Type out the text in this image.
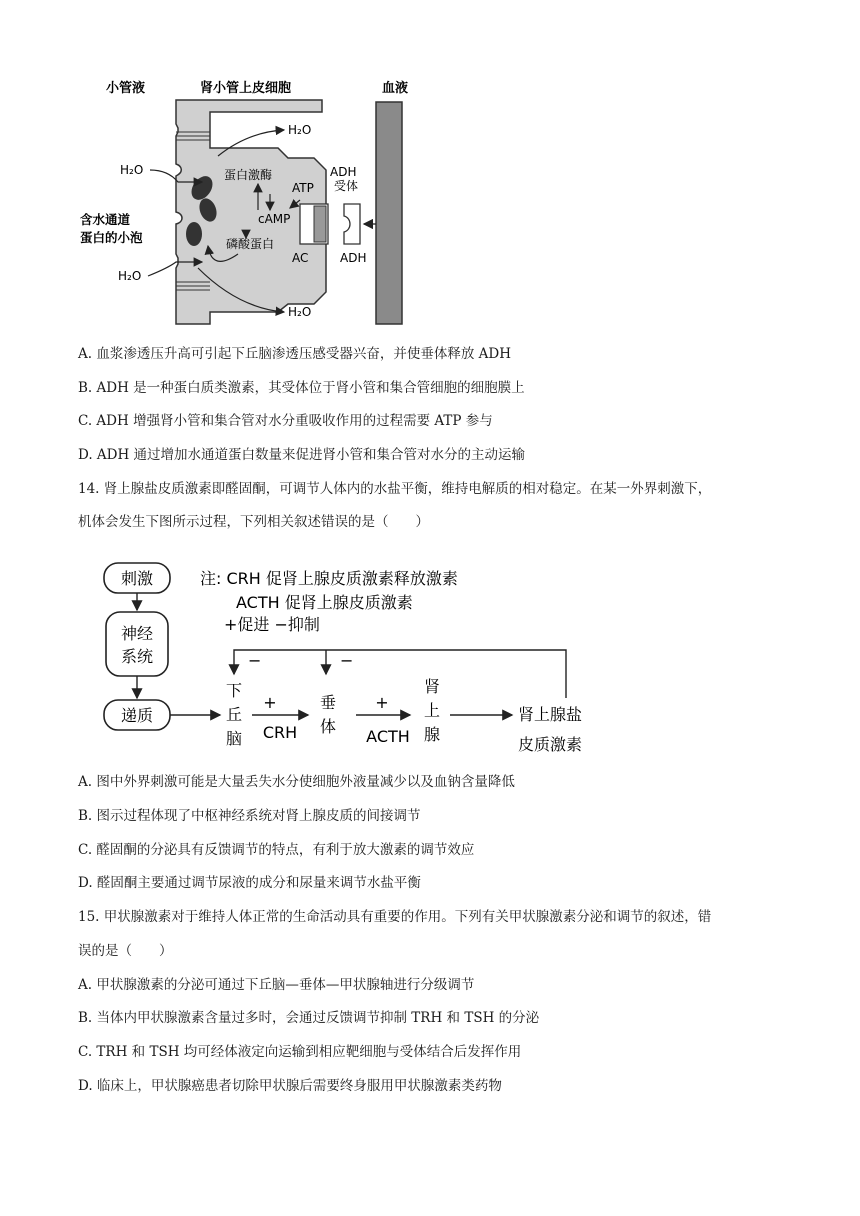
小管液	肾小管上皮细胞	血液
蛋白激酶
ATP
cAMP
磷酸蛋白
ADH
受体
AC	ADH
含水通道
蛋白的小泡
H₂O
H₂O
H₂O
H₂O
A. 血浆渗透压升高可引起下丘脑渗透压感受器兴奋，并使垂体释放 ADH
B. ADH 是一种蛋白质类激素，其受体位于肾小管和集合管细胞的细胞膜上
C. ADH 增强肾小管和集合管对水分重吸收作用的过程需要 ATP 参与
D. ADH 通过增加水通道蛋白数量来促进肾小管和集合管对水分的主动运输
14. 肾上腺盐皮质激素即醛固酮，可调节人体内的水盐平衡，维持电解质的相对稳定。在某一外界刺激下，
机体会发生下图所示过程，下列相关叙述错误的是（　　）
刺激
神经
系统
递质
注: CRH 促肾上腺皮质激素释放激素
ACTH 促肾上腺皮质激素
+促进 −抑制
−	−
下
丘
脑
垂
体
肾
上
腺
肾上腺盐
皮质激素
+
CRH
+
ACTH
A. 图中外界刺激可能是大量丢失水分使细胞外液量减少以及血钠含量降低
B. 图示过程体现了中枢神经系统对肾上腺皮质的间接调节
C. 醛固酮的分泌具有反馈调节的特点，有利于放大激素的调节效应
D. 醛固酮主要通过调节尿液的成分和尿量来调节水盐平衡
15. 甲状腺激素对于维持人体正常的生命活动具有重要的作用。下列有关甲状腺激素分泌和调节的叙述，错
误的是（　　）
A. 甲状腺激素的分泌可通过下丘脑—垂体—甲状腺轴进行分级调节
B. 当体内甲状腺激素含量过多时，会通过反馈调节抑制 TRH 和 TSH 的分泌
C. TRH 和 TSH 均可经体液定向运输到相应靶细胞与受体结合后发挥作用
D. 临床上，甲状腺癌患者切除甲状腺后需要终身服用甲状腺激素类药物
